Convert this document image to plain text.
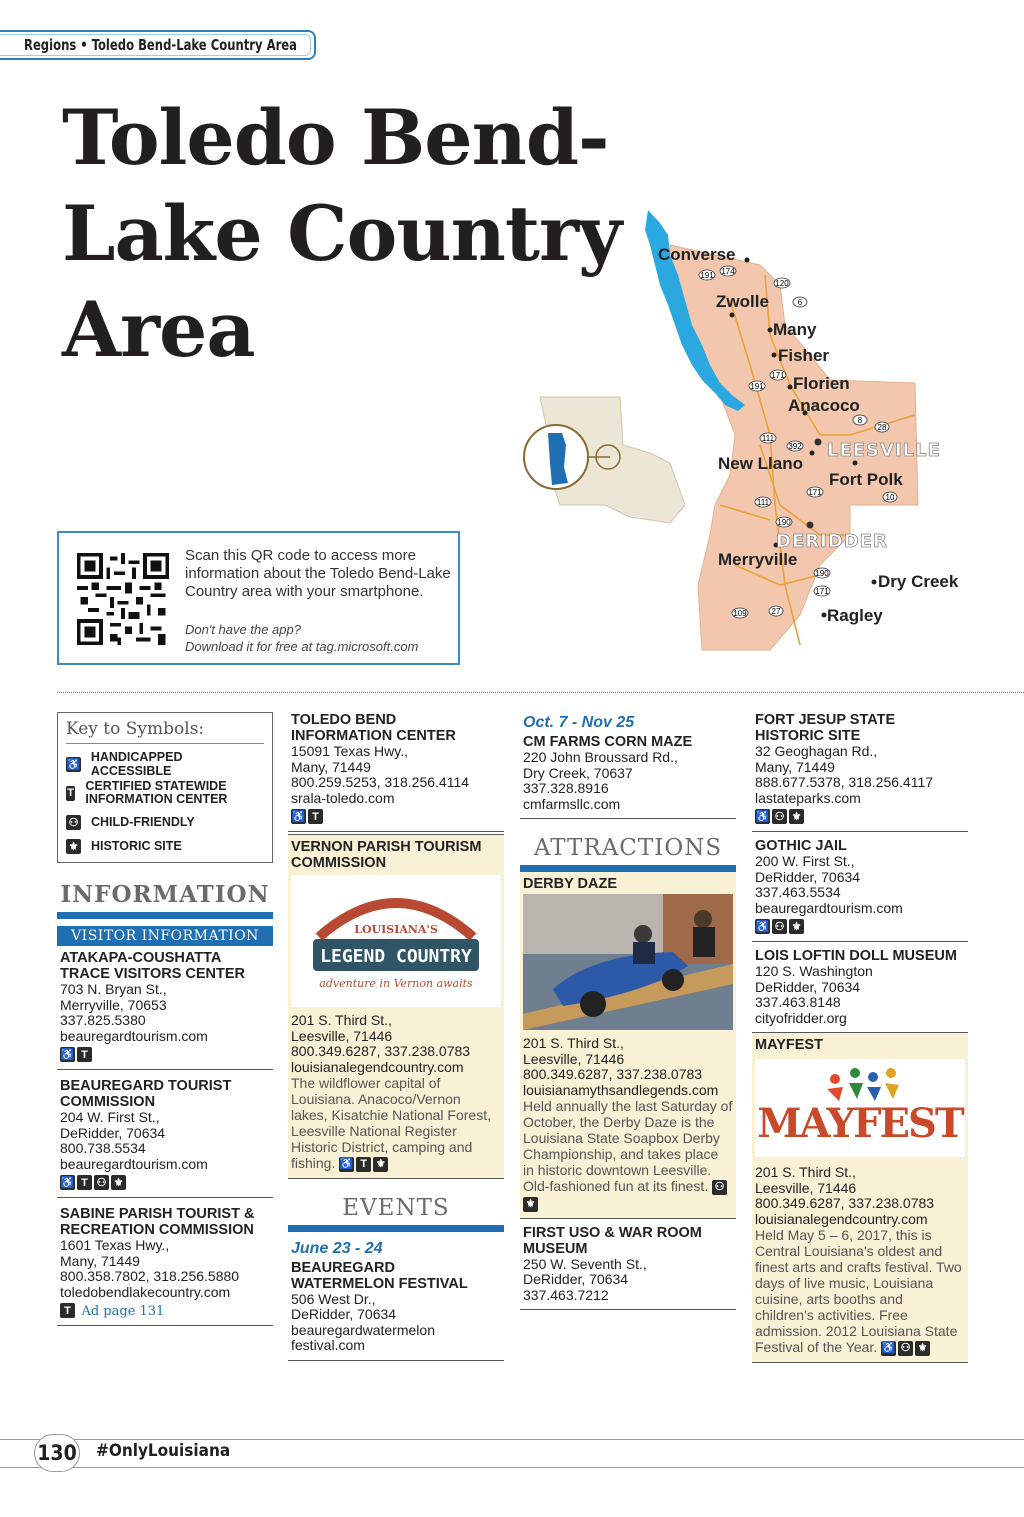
Regions • Toledo Bend-Lake Country Area
Toledo Bend-
Lake Country
Area
191 174
120
6
171
191
8
28
111
392
171
10
111
190
190
171
109	27
Converse
Zwolle
Many
Fisher
Florien
Anacoco
New Llano
Fort Polk
Merryville
Dry Creek
Ragley
LEESVILLE
DERIDDER
Scan this QR code to access more information about the Toledo Bend-Lake Country area with your smartphone.
Don't have the app?
Download it for free at tag.microsoft.com
Key to Symbols:
♿
HANDICAPPED ACCESSIBLE
T CERTIFIED STATEWIDE INFORMATION CENTER
⚇ CHILD-FRIENDLY
⚜ HISTORIC SITE
INFORMATION
VISITOR INFORMATION
ATAKAPA-COUSHATTA TRACE VISITORS CENTER
703 N. Bryan St.,
Merryville, 70653
337.825.5380
beauregardtourism.com
♿ T
BEAUREGARD TOURIST COMMISSION
204 W. First St.,
DeRidder, 70634
800.738.5534
beauregardtourism.com
♿ T ⚇ ⚜
SABINE PARISH TOURIST & RECREATION COMMISSION
1601 Texas Hwy.,
Many, 71449
800.358.7802, 318.256.5880
toledobendlakecountry.com
T Ad page 131
TOLEDO BEND INFORMATION CENTER
15091 Texas Hwy.,
Many, 71449
800.259.5253, 318.256.4114
srala-toledo.com
♿ T
VERNON PARISH TOURISM COMMISSION
LOUISIANA'S
LEGEND COUNTRY
adventure in Vernon awaits
201 S. Third St.,
Leesville, 71446
800.349.6287, 337.238.0783
louisianalegendcountry.com
The wildflower capital of Louisiana. Anacoco/Vernon lakes, Kisatchie National Forest, Leesville National Register Historic District, camping and fishing. ♿ T ⚜
EVENTS
June 23 - 24
BEAUREGARD WATERMELON FESTIVAL
506 West Dr.,
DeRidder, 70634
beauregardwatermelon
festival.com
Oct. 7 - Nov 25
CM FARMS CORN MAZE
220 John Broussard Rd.,
Dry Creek, 70637
337.328.8916
cmfarmsllc.com
ATTRACTIONS
DERBY DAZE
201 S. Third St.,
Leesville, 71446
800.349.6287, 337.238.0783
louisianamythsandlegends.com
Held annually the last Saturday of October, the Derby Daze is the Louisiana State Soapbox Derby Championship, and takes place in historic downtown Leesville. Old-fashioned fun at its finest. ⚇⚜
FIRST USO & WAR ROOM MUSEUM
250 W. Seventh St.,
DeRidder, 70634
337.463.7212
FORT JESUP STATE HISTORIC SITE
32 Geoghagan Rd.,
Many, 71449
888.677.5378, 318.256.4117
lastateparks.com
♿ ⚇ ⚜
GOTHIC JAIL
200 W. First St.,
DeRidder, 70634
337.463.5534
beauregardtourism.com
♿ ⚇ ⚜
LOIS LOFTIN DOLL MUSEUM
120 S. Washington
DeRidder, 70634
337.463.8148
cityofridder.org
MAYFEST
MAYFEST
201 S. Third St.,
Leesville, 71446
800.349.6287, 337.238.0783
louisianalegendcountry.com
Held May 5 – 6, 2017, this is Central Louisiana's oldest and finest arts and crafts festival. Two days of live music, Louisiana cuisine, arts booths and children's activities. Free admission. 2012 Louisiana State Festival of the Year. ♿ ⚇ ⚜
130 #OnlyLouisiana
